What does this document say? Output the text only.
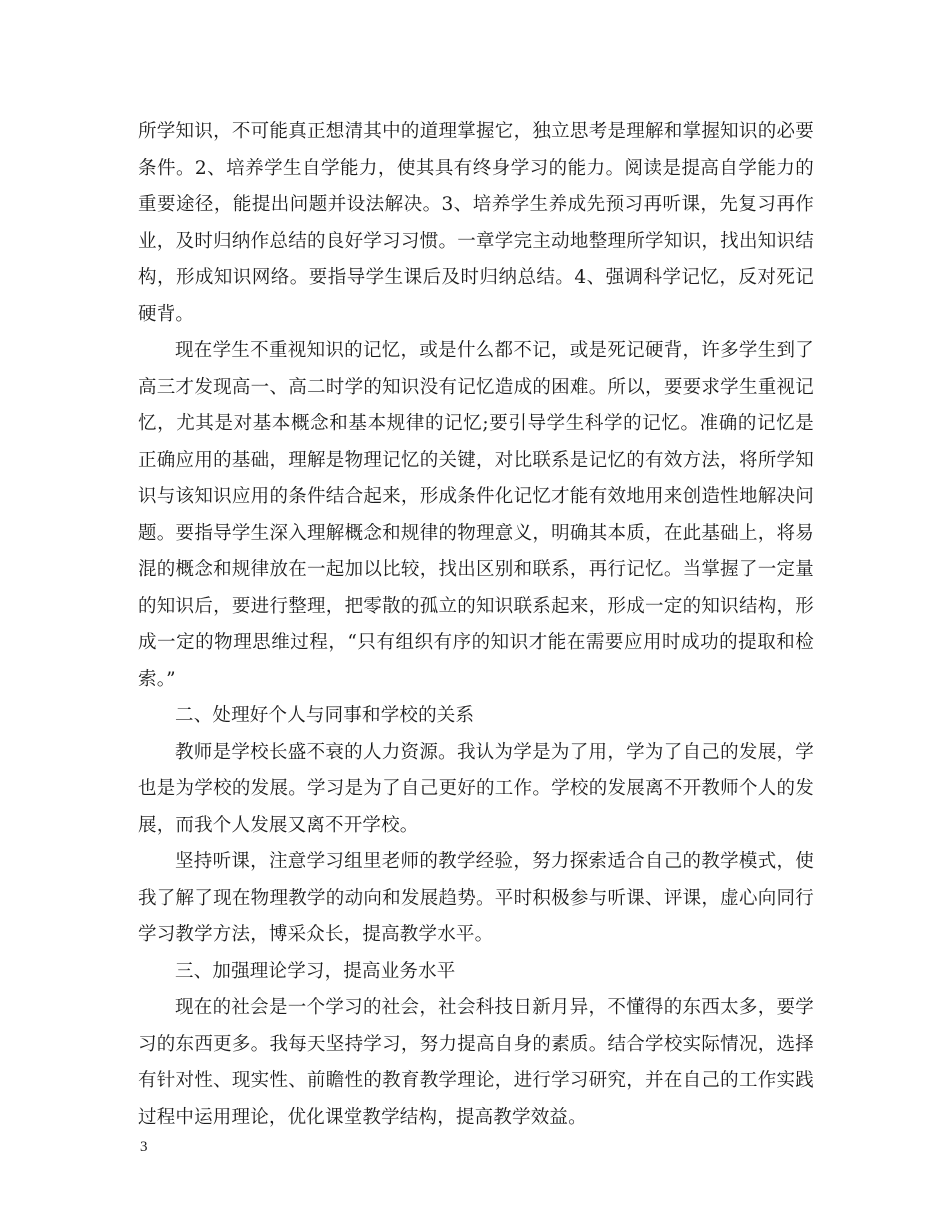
所学知识，不可能真正想清其中的道理掌握它，独立思考是理解和掌握知识的必要条件。2、培养学生自学能力，使其具有终身学习的能力。阅读是提高自学能力的重要途径，能提出问题并设法解决。3、培养学生养成先预习再听课，先复习再作业，及时归纳作总结的良好学习习惯。一章学完主动地整理所学知识，找出知识结构，形成知识网络。要指导学生课后及时归纳总结。4、强调科学记忆，反对死记硬背。

现在学生不重视知识的记忆，或是什么都不记，或是死记硬背，许多学生到了高三才发现高一、高二时学的知识没有记忆造成的困难。所以，要要求学生重视记忆，尤其是对基本概念和基本规律的记忆;要引导学生科学的记忆。准确的记忆是正确应用的基础，理解是物理记忆的关键，对比联系是记忆的有效方法，将所学知识与该知识应用的条件结合起来，形成条件化记忆才能有效地用来创造性地解决问题。要指导学生深入理解概念和规律的物理意义，明确其本质，在此基础上，将易混的概念和规律放在一起加以比较，找出区别和联系，再行记忆。当掌握了一定量的知识后，要进行整理，把零散的孤立的知识联系起来，形成一定的知识结构，形成一定的物理思维过程，“只有组织有序的知识才能在需要应用时成功的提取和检索。”

二、处理好个人与同事和学校的关系

教师是学校长盛不衰的人力资源。我认为学是为了用，学为了自己的发展，学也是为学校的发展。学习是为了自己更好的工作。学校的发展离不开教师个人的发展，而我个人发展又离不开学校。

坚持听课，注意学习组里老师的教学经验，努力探索适合自己的教学模式，使我了解了现在物理教学的动向和发展趋势。平时积极参与听课、评课，虚心向同行学习教学方法，博采众长，提高教学水平。

三、加强理论学习，提高业务水平

现在的社会是一个学习的社会，社会科技日新月异，不懂得的东西太多，要学习的东西更多。我每天坚持学习，努力提高自身的素质。结合学校实际情况，选择有针对性、现实性、前瞻性的教育教学理论，进行学习研究，并在自己的工作实践过程中运用理论，优化课堂教学结构，提高教学效益。

3
